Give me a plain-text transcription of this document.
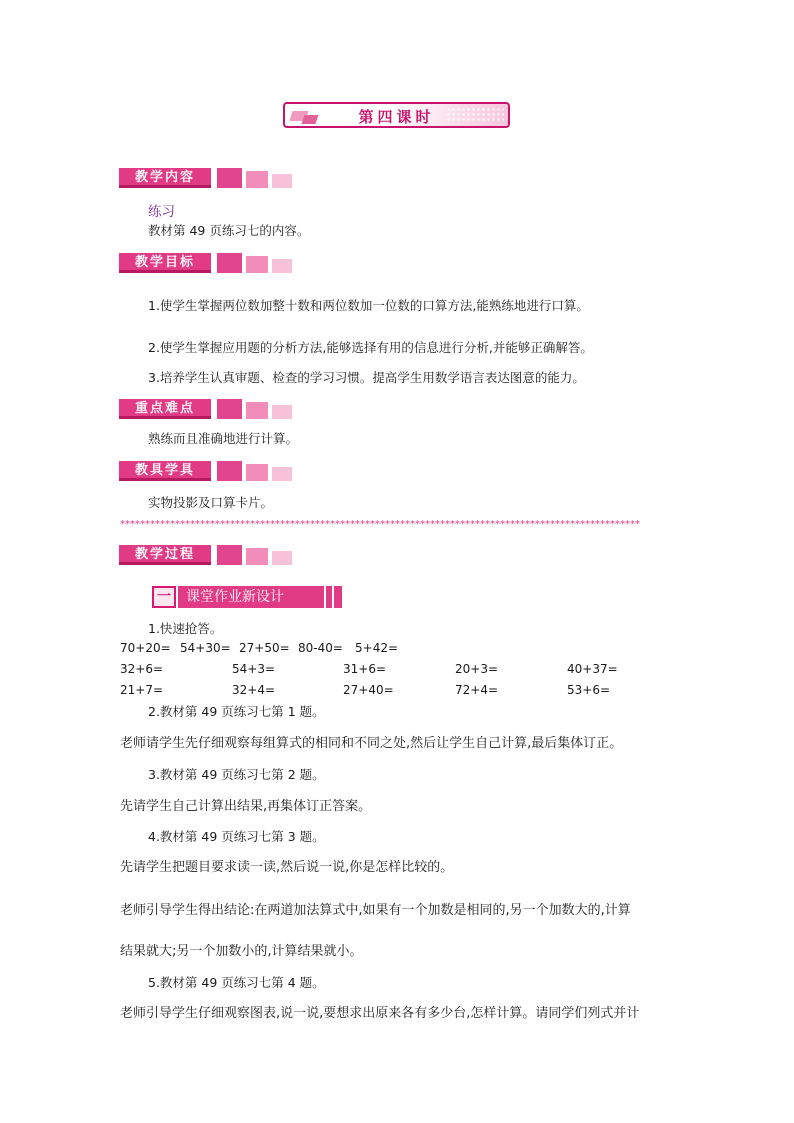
第四课时
教学内容
练习
教材第 49 页练习七的内容。
教学目标
1.使学生掌握两位数加整十数和两位数加一位数的口算方法,能熟练地进行口算。
2.使学生掌握应用题的分析方法,能够选择有用的信息进行分析,并能够正确解答。
3.培养学生认真审题、检查的学习习惯。提高学生用数学语言表达图意的能力。
重点难点
熟练而且准确地进行计算。
教具学具
实物投影及口算卡片。
********************************************************************************************************
教学过程
一	课堂作业新设计
1.快速抢答。
70+20= 54+30= 27+50= 80-40= 5+42=
32+6=	54+3=	31+6=	20+3=	40+37=
21+7=	32+4=	27+40=	72+4=	53+6=
2.教材第 49 页练习七第 1 题。
老师请学生先仔细观察每组算式的相同和不同之处,然后让学生自己计算,最后集体订正。
3.教材第 49 页练习七第 2 题。
先请学生自己计算出结果,再集体订正答案。
4.教材第 49 页练习七第 3 题。
先请学生把题目要求读一读,然后说一说,你是怎样比较的。
老师引导学生得出结论:在两道加法算式中,如果有一个加数是相同的,另一个加数大的,计算
结果就大;另一个加数小的,计算结果就小。
5.教材第 49 页练习七第 4 题。
老师引导学生仔细观察图表,说一说,要想求出原来各有多少台,怎样计算。请同学们列式并计
